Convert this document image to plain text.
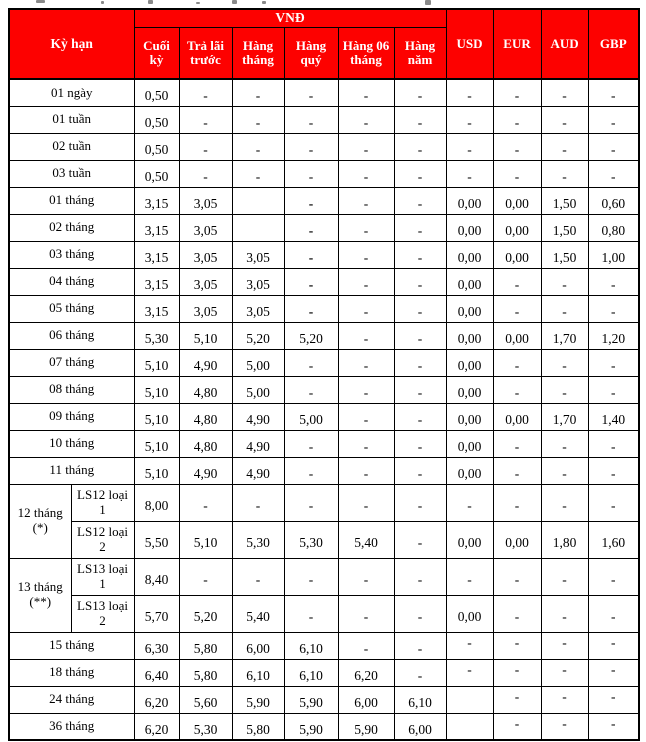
Kỳ hạn		VNĐ						USD	EUR	AUD	GBP
		Cuối kỳ	Trả lãi trước	Hàng tháng	Hàng quý	Hàng 06 tháng	Hàng năm				
01 ngày		0,50	-	-	-	-	-	-	-	-	-
01 tuần		0,50	-	-	-	-	-	-	-	-	-
02 tuần		0,50	-	-	-	-	-	-	-	-	-
03 tuần		0,50	-	-	-	-	-	-	-	-	-
01 tháng		3,15	3,05		-	-	-	0,00	0,00	1,50	0,60
02 tháng		3,15	3,05		-	-	-	0,00	0,00	1,50	0,80
03 tháng		3,15	3,05	3,05	-	-	-	0,00	0,00	1,50	1,00
04 tháng		3,15	3,05	3,05	-	-	-	0,00	-	-	-
05 tháng		3,15	3,05	3,05	-	-	-	0,00	-	-	-
06 tháng		5,30	5,10	5,20	5,20	-	-	0,00	0,00	1,70	1,20
07 tháng		5,10	4,90	5,00	-	-	-	0,00	-	-	-
08 tháng		5,10	4,80	5,00	-	-	-	0,00	-	-	-
09 tháng		5,10	4,80	4,90	5,00	-	-	0,00	0,00	1,70	1,40
10 tháng		5,10	4,80	4,90	-	-	-	0,00	-	-	-
11 tháng		5,10	4,90	4,90	-	-	-	0,00	-	-	-
12 tháng (*)	LS12 loại 1	8,00	-	-	-	-	-	-	-	-	-
	LS12 loại 2	5,50	5,10	5,30	5,30	5,40	-	0,00	0,00	1,80	1,60
13 tháng (**)	LS13 loại 1	8,40	-	-	-	-	-	-	-	-	-
	LS13 loại 2	5,70	5,20	5,40	-	-	-	0,00	-	-	-
15 tháng		6,30	5,80	6,00	6,10	-	-	-	-	-	-
18 tháng		6,40	5,80	6,10	6,10	6,20	-	-	-	-	-
24 tháng		6,20	5,60	5,90	5,90	6,00	6,10		-	-	-
36 tháng		6,20	5,30	5,80	5,90	5,90	6,00		-	-	-
